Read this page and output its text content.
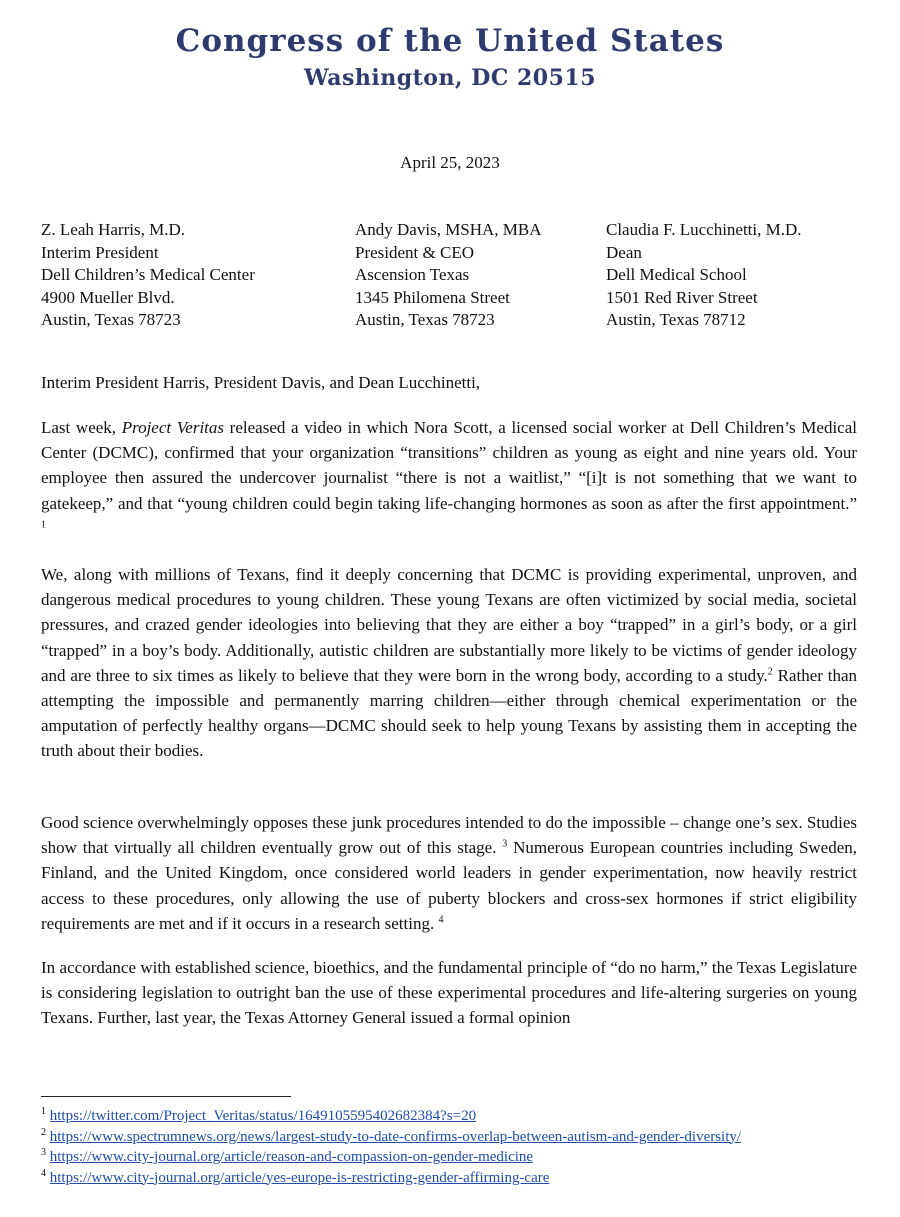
Congress of the United States
Washington, DC 20515
April 25, 2023
Z. Leah Harris, M.D.
Interim President
Dell Children’s Medical Center
4900 Mueller Blvd.
Austin, Texas 78723
Andy Davis, MSHA, MBA
President & CEO
Ascension Texas
1345 Philomena Street
Austin, Texas 78723
Claudia F. Lucchinetti, M.D.
Dean
Dell Medical School
1501 Red River Street
Austin, Texas 78712
Interim President Harris, President Davis, and Dean Lucchinetti,

Last week, Project Veritas released a video in which Nora Scott, a licensed social worker at Dell Children’s Medical Center (DCMC), confirmed that your organization “transitions” children as young as eight and nine years old. Your employee then assured the undercover journalist “there is not a waitlist,” “[i]t is not something that we want to gatekeep,” and that “young children could begin taking life-changing hormones as soon as after the first appointment.” $^1$

We, along with millions of Texans, find it deeply concerning that DCMC is providing experimental, unproven, and dangerous medical procedures to young children. These young Texans are often victimized by social media, societal pressures, and crazed gender ideologies into believing that they are either a boy “trapped” in a girl’s body, or a girl “trapped” in a boy’s body. Additionally, autistic children are substantially more likely to be victims of gender ideology and are three to six times as likely to believe that they were born in the wrong body, according to a study.$^2$ Rather than attempting the impossible and permanently marring children—either through chemical experimentation or the amputation of perfectly healthy organs—DCMC should seek to help young Texans by assisting them in accepting the truth about their bodies.

Good science overwhelmingly opposes these junk procedures intended to do the impossible – change one’s sex. Studies show that virtually all children eventually grow out of this stage. $^3$ Numerous European countries including Sweden, Finland, and the United Kingdom, once considered world leaders in gender experimentation, now heavily restrict access to these procedures, only allowing the use of puberty blockers and cross-sex hormones if strict eligibility requirements are met and if it occurs in a research setting. $^4$

In accordance with established science, bioethics, and the fundamental principle of “do no harm,” the Texas Legislature is considering legislation to outright ban the use of these experimental procedures and life-altering surgeries on young Texans. Further, last year, the Texas Attorney General issued a formal opinion

$^1$ https://twitter.com/Project_Veritas/status/1649105595402682384?s=20
$^2$ https://www.spectrumnews.org/news/largest-study-to-date-confirms-overlap-between-autism-and-gender-diversity/
$^3$ https://www.city-journal.org/article/reason-and-compassion-on-gender-medicine
$^4$ https://www.city-journal.org/article/yes-europe-is-restricting-gender-affirming-care
